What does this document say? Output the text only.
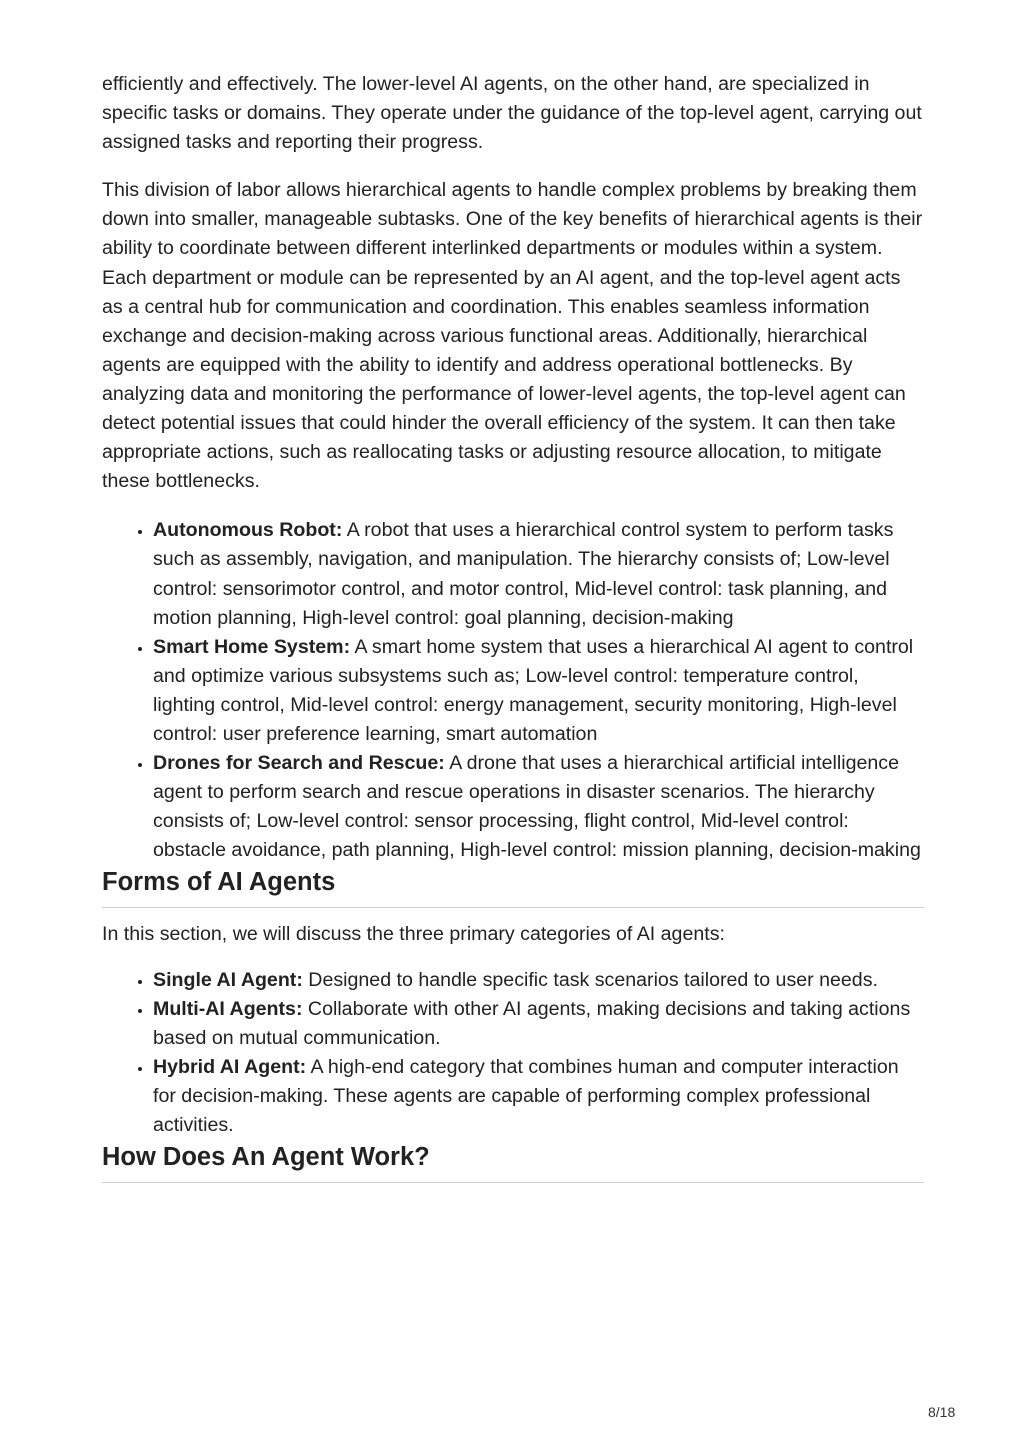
efficiently and effectively. The lower-level AI agents, on the other hand, are specialized in specific tasks or domains. They operate under the guidance of the top-level agent, carrying out assigned tasks and reporting their progress.

This division of labor allows hierarchical agents to handle complex problems by breaking them down into smaller, manageable subtasks. One of the key benefits of hierarchical agents is their ability to coordinate between different interlinked departments or modules within a system. Each department or module can be represented by an AI agent, and the top-level agent acts as a central hub for communication and coordination. This enables seamless information exchange and decision-making across various functional areas. Additionally, hierarchical agents are equipped with the ability to identify and address operational bottlenecks. By analyzing data and monitoring the performance of lower-level agents, the top-level agent can detect potential issues that could hinder the overall efficiency of the system. It can then take appropriate actions, such as reallocating tasks or adjusting resource allocation, to mitigate these bottlenecks.

• Autonomous Robot: A robot that uses a hierarchical control system to perform tasks such as assembly, navigation, and manipulation. The hierarchy consists of; Low-level control: sensorimotor control, and motor control, Mid-level control: task planning, and motion planning, High-level control: goal planning, decision-making
• Smart Home System: A smart home system that uses a hierarchical AI agent to control and optimize various subsystems such as; Low-level control: temperature control, lighting control, Mid-level control: energy management, security monitoring, High-level control: user preference learning, smart automation
• Drones for Search and Rescue: A drone that uses a hierarchical artificial intelligence agent to perform search and rescue operations in disaster scenarios. The hierarchy consists of; Low-level control: sensor processing, flight control, Mid-level control: obstacle avoidance, path planning, High-level control: mission planning, decision-making
Forms of AI Agents

In this section, we will discuss the three primary categories of AI agents:

• Single AI Agent: Designed to handle specific task scenarios tailored to user needs.
• Multi-AI Agents: Collaborate with other AI agents, making decisions and taking actions based on mutual communication.
• Hybrid AI Agent: A high-end category that combines human and computer interaction for decision-making. These agents are capable of performing complex professional activities.
How Does An Agent Work?
8/18
